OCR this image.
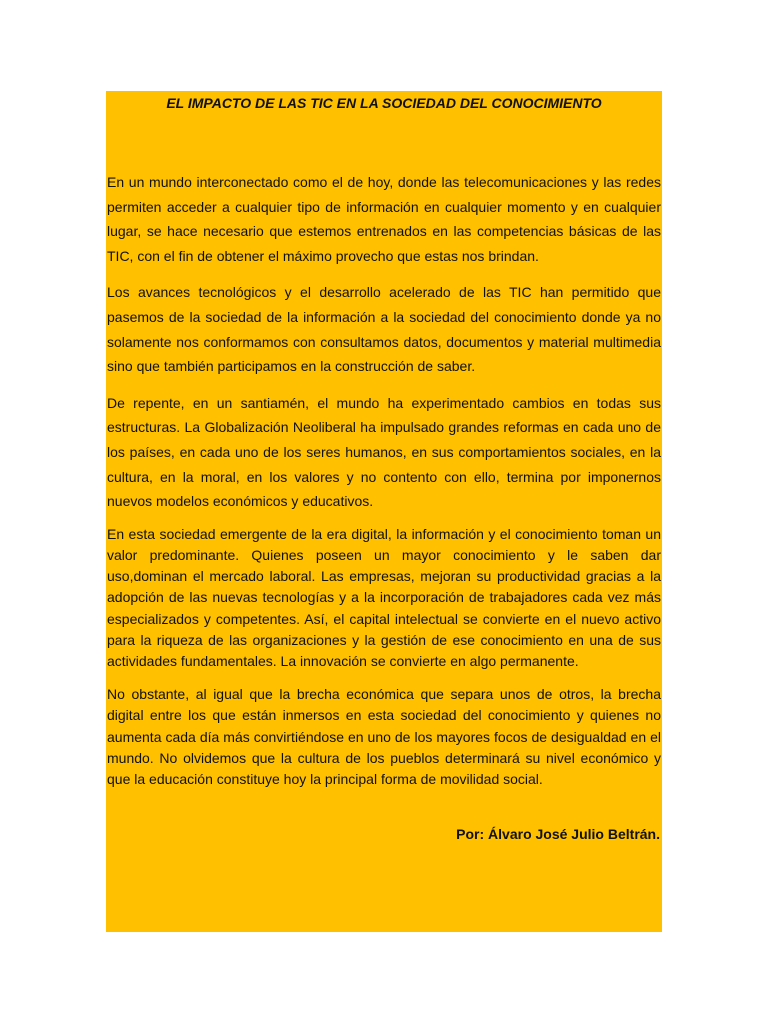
EL IMPACTO DE LAS TIC EN LA SOCIEDAD DEL CONOCIMIENTO

En un mundo interconectado como el de hoy, donde las telecomunicaciones y las redes permiten acceder a cualquier tipo de información en cualquier momento y en cualquier lugar, se hace necesario que estemos entrenados en las competencias básicas de las TIC, con el fin de obtener el máximo provecho que estas nos brindan.

Los avances tecnológicos y el desarrollo acelerado de las TIC han permitido que pasemos de la sociedad de la información a la sociedad del conocimiento donde ya no solamente nos conformamos con consultamos datos, documentos y material multimedia sino que también participamos en la construcción de saber.

De repente, en un santiamén, el mundo ha experimentado cambios en todas sus estructuras. La Globalización Neoliberal ha impulsado grandes reformas en cada uno de los países, en cada uno de los seres humanos, en sus comportamientos sociales, en la cultura, en la moral, en los valores y no contento con ello, termina por imponernos nuevos modelos económicos y educativos.

En esta sociedad emergente de la era digital, la información y el conocimiento toman un valor predominante. Quienes poseen un mayor conocimiento y le saben dar uso,dominan el mercado laboral. Las empresas, mejoran su productividad gracias a la adopción de las nuevas tecnologías y a la incorporación de trabajadores cada vez más especializados y competentes. Así, el capital intelectual se convierte en el nuevo activo para la riqueza de las organizaciones y la gestión de ese conocimiento en una de sus actividades fundamentales. La innovación se convierte en algo permanente.

No obstante, al igual que la brecha económica que separa unos de otros, la brecha digital entre los que están inmersos en esta sociedad del conocimiento y quienes no aumenta cada día más convirtiéndose en uno de los mayores focos de desigualdad en el mundo. No olvidemos que la cultura de los pueblos determinará su nivel económico y que la educación constituye hoy la principal forma de movilidad social.

Por: Álvaro José Julio Beltrán.
